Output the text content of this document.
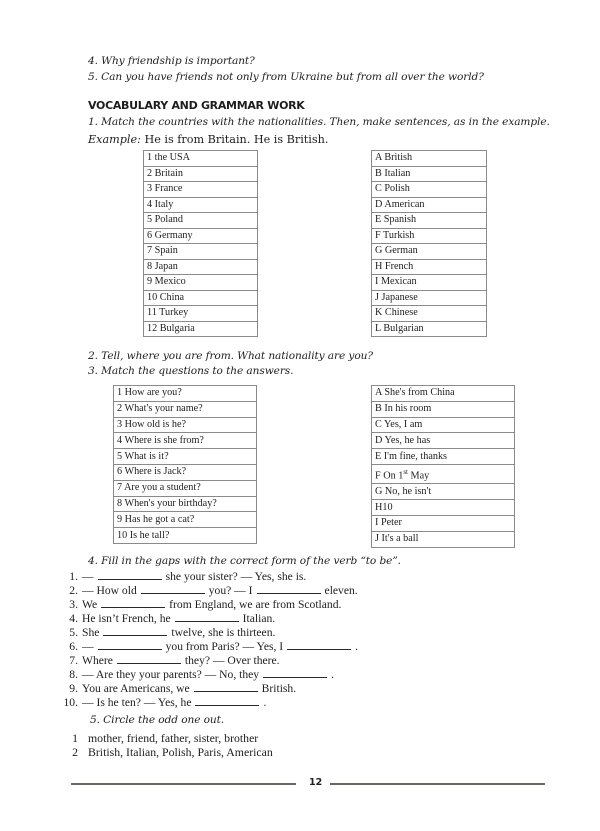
4. Why friendship is important?
5. Can you have friends not only from Ukraine but from all over the world?
VOCABULARY AND GRAMMAR WORK
1. Match the countries with the nationalities. Then, make sentences, as in the example.
Example: He is from Britain. He is British.
1 the USA
2 Britain
3 France
4 Italy
5 Poland
6 Germany
7 Spain
8 Japan
9 Mexico
10 China
11 Turkey
12 Bulgaria
A British
B Italian
C Polish
D American
E Spanish
F Turkish
G German
H French
I Mexican
J Japanese
K Chinese
L Bulgarian
2. Tell, where you are from. What nationality are you?
3. Match the questions to the answers.
1 How are you?
2 What's your name?
3 How old is he?
4 Where is she from?
5 What is it?
6 Where is Jack?
7 Are you a student?
8 When's your birthday?
9 Has he got a cat?
10 Is he tall?
A She's from China
B In his room
C Yes, I am
D Yes, he has
E I'm fine, thanks
F On 1st May
G No, he isn't
H10
I Peter
J It's a ball
4. Fill in the gaps with the correct form of the verb “to be”.
1. —	she your sister? — Yes, she is.
2. — How old	you? — I	eleven.
3. We	from England, we are from Scotland.
4. He isn’t French, he	Italian.
5. She	twelve, she is thirteen.
6. —	you from Paris? — Yes, I	.
7. Where	they? — Over there.
8. — Are they your parents? — No, they	.
9. You are Americans, we	British.
10. — Is he ten? — Yes, he	.
5. Circle the odd one out.
1 mother, friend, father, sister, brother
2 British, Italian, Polish, Paris, American
12
